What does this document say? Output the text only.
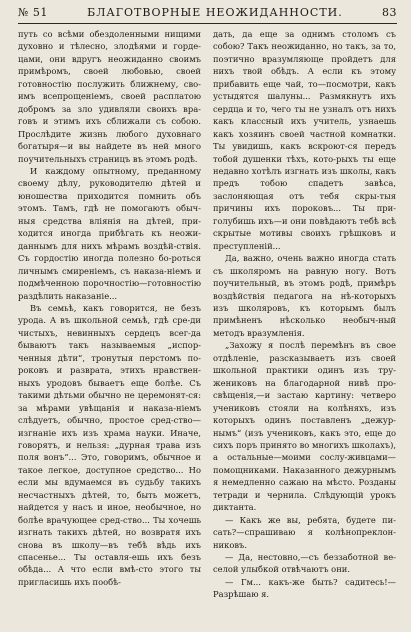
№ 51	БЛАГОТВОРНЫЕ НЕОЖИДАННОСТИ.	83

путь со всѣми обездоленными нищими духовно и тѣлесно, злодѣями и горде-цами, они вдругъ неожиданно своимъ примѣромъ, своей любовью, своей готовностію послужить ближнему, сво-имъ всепрощеніемъ, своей расплатою добромъ за зло удивляли своихъ вра-говъ и этимъ ихъ сближали съ собою. Прослѣдите жизнь любого духовнаго богатыря—и вы найдете въ ней много поучительныхъ страницъ въ этомъ родѣ.

И каждому опытному, преданному своему дѣлу, руководителю дѣтей и юношества приходится помнить объ этомъ. Тамъ, гдѣ не помогаютъ обыч-ныя средства вліянія на дѣтей, при-ходится иногда прибѣгать къ неожи-даннымъ для нихъ мѣрамъ воздѣй-ствія. Съ гордостію иногда полезно бо-роться личнымъ смиреніемъ, съ наказа-ніемъ и подмѣченною порочностію—готовностію раздѣлить наказаніе...

Въ семьѣ, какъ говорится, не безъ урода. А въ школьной семьѣ, гдѣ сре-ди чистыхъ, невинныхъ сердецъ всег-да бываютъ такъ называемыя „испор-ченныя дѣти“, тронутыя перстомъ по-роковъ и разврата, этихъ нравствен-ныхъ уродовъ бываетъ еще болѣе. Съ такими дѣтьми обычно не церемонят-ся: за мѣрами увѣщанія и наказа-ніемъ слѣдуетъ, обычно, простое сред-ство—изгнаніе ихъ изъ храма науки. Иначе, говорятъ, и нельзя: „дурная трава изъ поля вонъ“... Это, говоримъ, обычное и такое легкое, доступное средство... Но если мы вдумаемся въ судьбу такихъ несчастныхъ дѣтей, то, быть можетъ, найдется у насъ и иное, необычное, но болѣе врачующее сред-ство... Ты хочешь изгнать такихъ дѣтей, но возвратя ихъ снова въ школу—въ тебѣ вѣдь ихъ спасенье... Ты оставля-ешь ихъ безъ обѣда... А что если вмѣ-сто этого ты пригласишь ихъ пообѣ-

дать, да еще за однимъ столомъ съ собою? Такъ неожиданно, но такъ, за то, поэтично вразумляюще пройдетъ для нихъ твой обѣдъ. А если къ этому прибавить еще чай, то—посмотри, какъ устыдятся шалуны... Размякнутъ ихъ сердца и то, чего ты не узналъ отъ нихъ какъ классный ихъ учитель, узнаешь какъ хозяинъ своей частной комнатки. Ты увидишь, какъ вскроют-ся передъ тобой душенки тѣхъ, кото-рыхъ ты еще недавно хотѣлъ изгнать изъ школы, какъ предъ тобою спадетъ завѣса, заслоняющая отъ тебя скры-тыя причины ихъ пороковъ... Ты при-голубишь ихъ—и они повѣдаютъ тебѣ всѣ скрытые мотивы своихъ грѣшковъ и преступленій...

Да, важно, очень важно иногда стать съ школяромъ на равную ногу. Вотъ поучительный, въ этомъ родѣ, примѣръ воздѣйствія педагога на нѣ-которыхъ изъ школяровъ, къ которымъ былъ примѣненъ нѣсколько необыч-ный методъ вразумленія.

„Захожу я послѣ перемѣнъ въ свое отдѣленіе, разсказываетъ изъ своей школьной практики одинъ изъ тру-жениковъ на благодарной нивѣ про-свѣщенія,—и застаю картину: четверо учениковъ стояли на колѣняхъ, изъ которыхъ одинъ поставленъ „дежур-нымъ“ (изъ учениковъ, какъ это, еще до сихъ поръ принято во многихъ школахъ), а остальные—моими соcлу-живцами—помощниками. Наказанного дежурнымъ я немедленно сажаю на мѣсто. Розданы тетради и чернила. Слѣдующій урокъ диктанта.

— Какъ же вы, ребята, будете пи-сать?—спрашиваю я колѣнопреклон-никовъ.

— Да, нестовно,—съ беззаботной ве-селой улыбкой отвѣчаютъ они.

— Гм... какъ-же быть? садитесь!—Разрѣшаю я.
